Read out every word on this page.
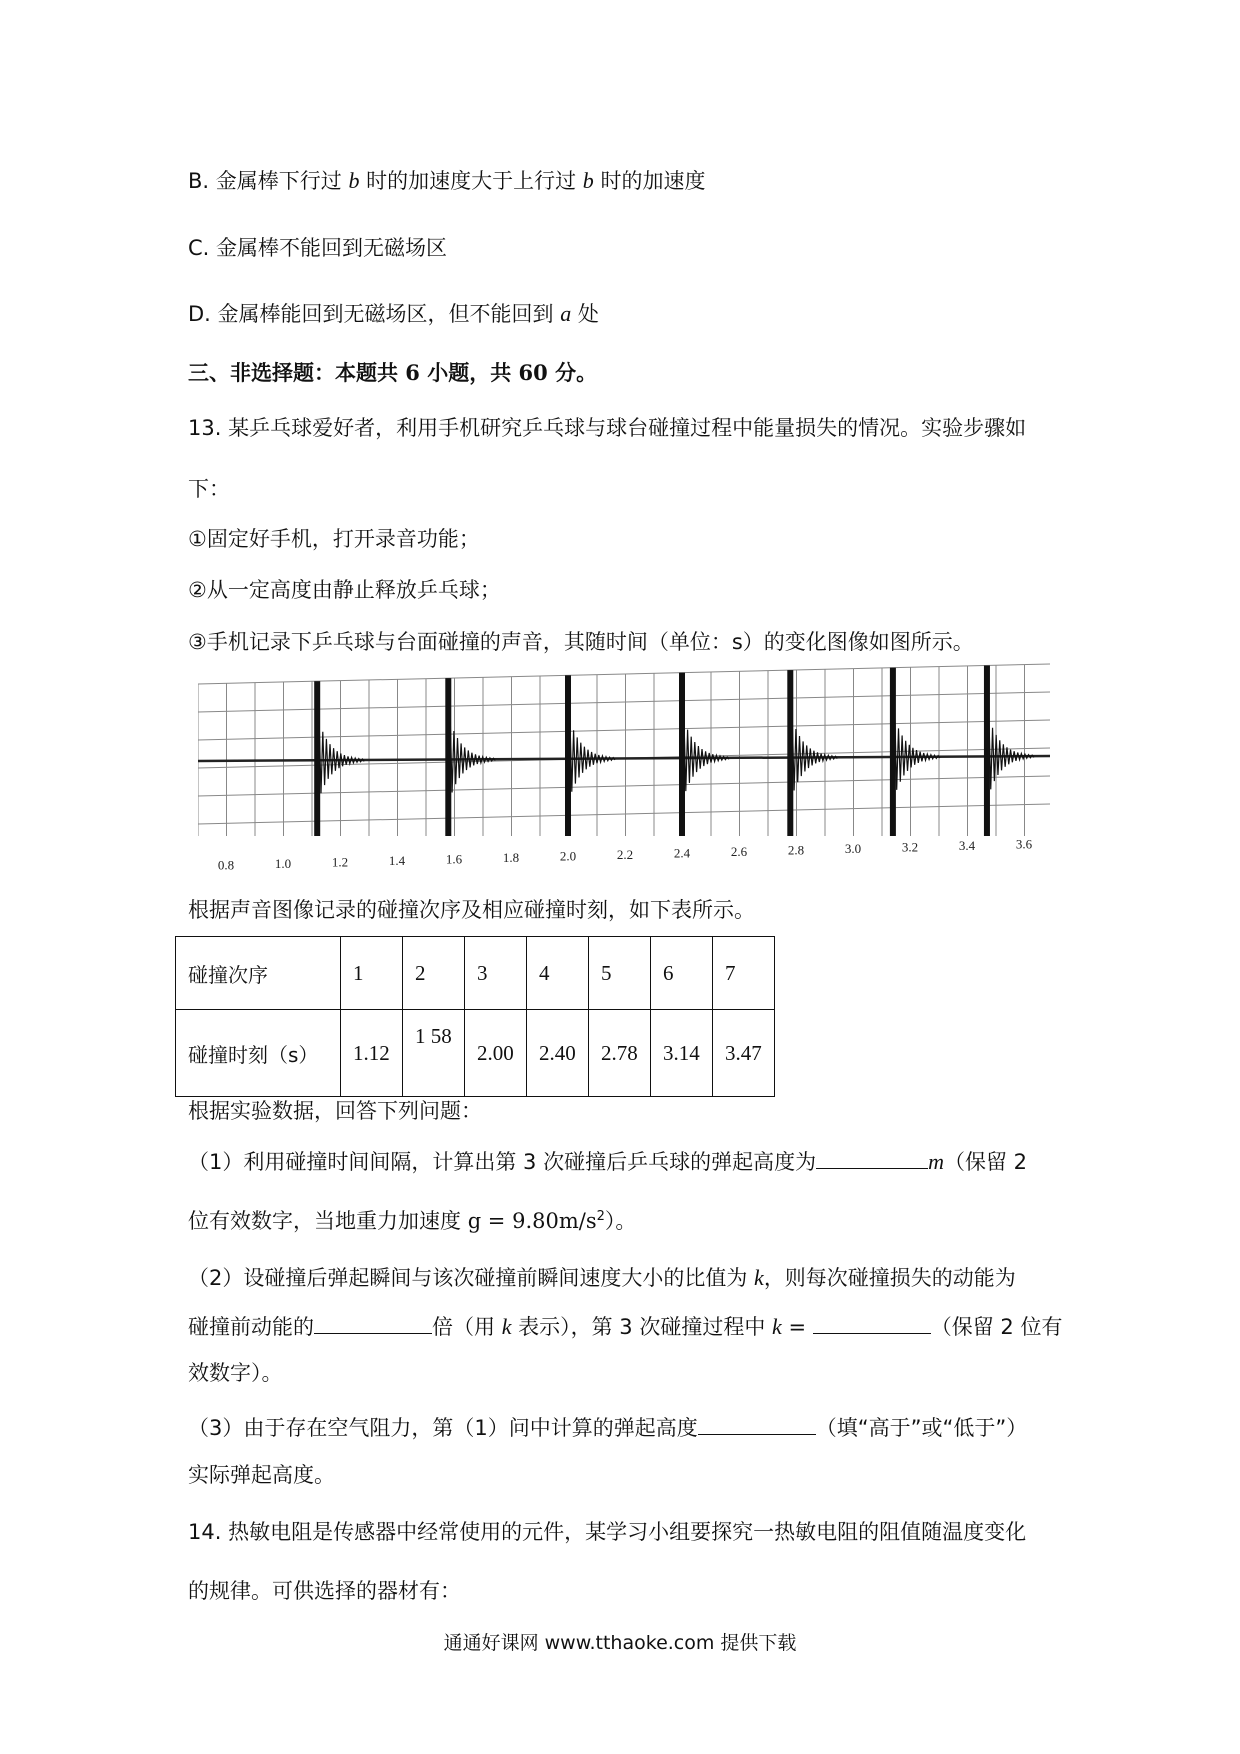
B. 金属棒下行过 b 时的加速度大于上行过 b 时的加速度
C. 金属棒不能回到无磁场区
D. 金属棒能回到无磁场区，但不能回到 a 处
三、非选择题：本题共 6 小题，共 60 分。
13. 某乒乓球爱好者，利用手机研究乒乓球与球台碰撞过程中能量损失的情况。实验步骤如
下：
①固定好手机，打开录音功能；
②从一定高度由静止释放乒乓球；
③手机记录下乒乓球与台面碰撞的声音，其随时间（单位：s）的变化图像如图所示。
0.8	1.0	1.2	1.4	1.6	1.8	2.0	2.2	2.4	2.6	2.8	3.0	3.2	3.4	3.6
根据声音图像记录的碰撞次序及相应碰撞时刻，如下表所示。
碰撞次序	1	2	3	4	5	6	7
碰撞时刻（s）	1.12	1 58	2.00	2.40	2.78	3.14	3.47
根据实验数据，回答下列问题：
（1）利用碰撞时间间隔，计算出第 3 次碰撞后乒乓球的弹起高度为	m（保留 2
位有效数字，当地重力加速度 $g = 9.80m/s^2$）。
（2）设碰撞后弹起瞬间与该次碰撞前瞬间速度大小的比值为 k，则每次碰撞损失的动能为
碰撞前动能的	倍（用 k 表示），第 3 次碰撞过程中 k =	（保留 2 位有
效数字）。
（3）由于存在空气阻力，第（1）问中计算的弹起高度	（填“高于”或“低于”）
实际弹起高度。
14. 热敏电阻是传感器中经常使用的元件，某学习小组要探究一热敏电阻的阻值随温度变化
的规律。可供选择的器材有：
通通好课网 www.tthaoke.com 提供下载
